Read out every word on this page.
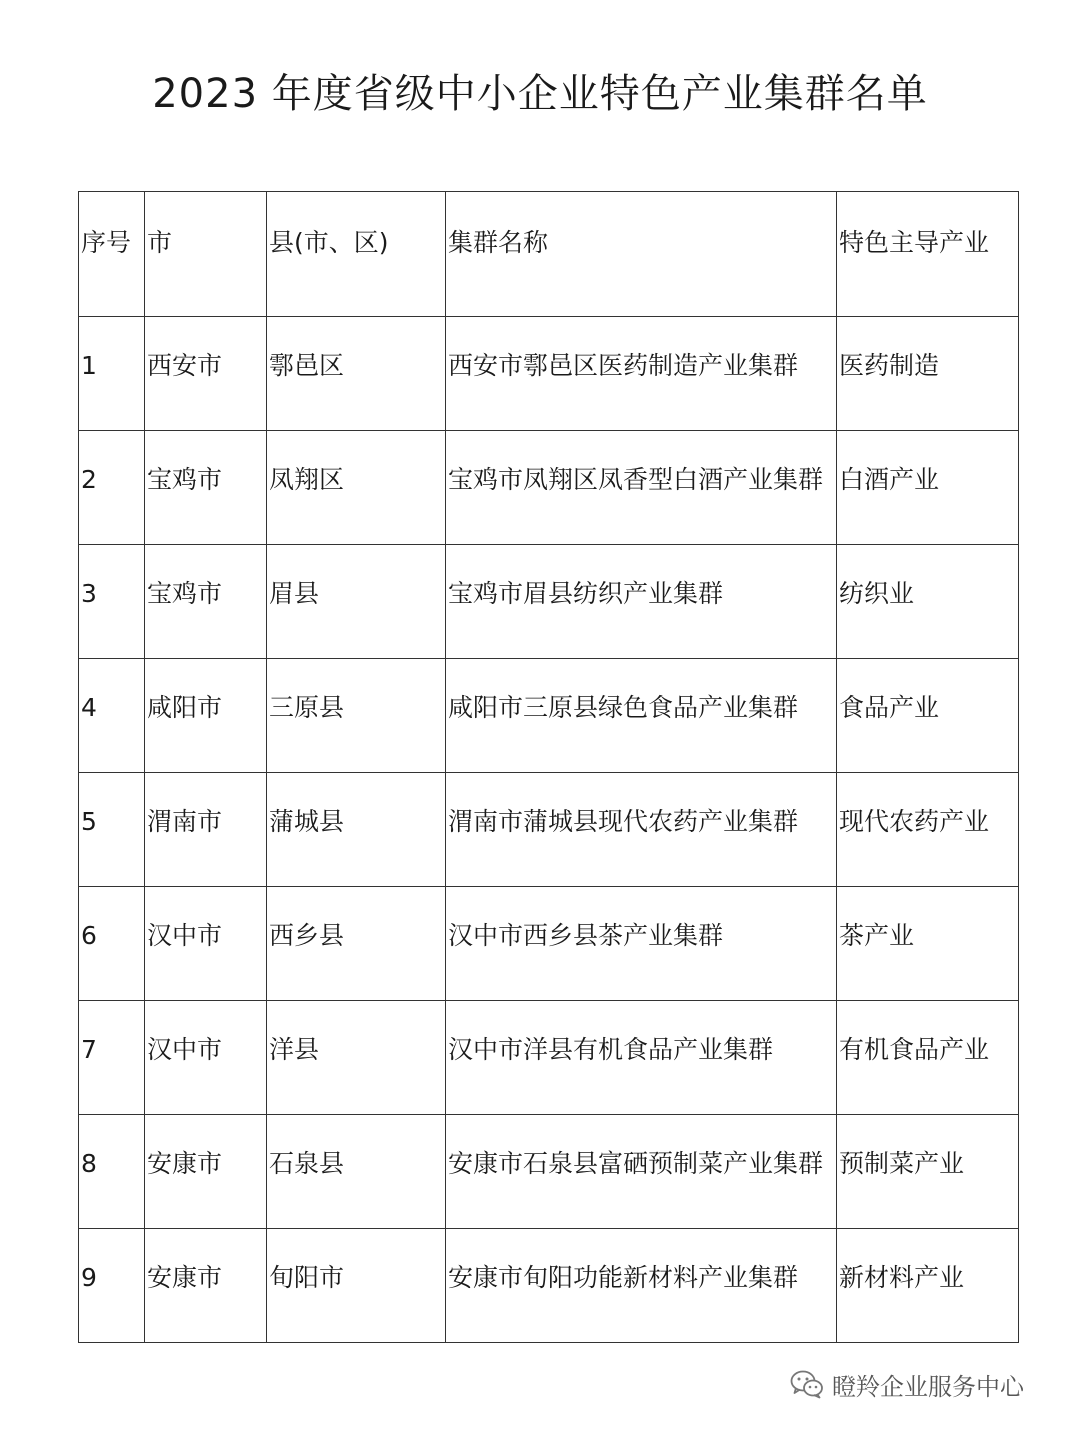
2023 年度省级中小企业特色产业集群名单
序号	市	县(市、区)	集群名称	特色主导产业

1	西安市	鄠邑区	西安市鄠邑区医药制造产业集群	医药制造

2	宝鸡市	凤翔区	宝鸡市凤翔区凤香型白酒产业集群	白酒产业

3	宝鸡市	眉县	宝鸡市眉县纺织产业集群	纺织业

4	咸阳市	三原县	咸阳市三原县绿色食品产业集群	食品产业

5	渭南市	蒲城县	渭南市蒲城县现代农药产业集群	现代农药产业

6	汉中市	西乡县	汉中市西乡县茶产业集群	茶产业

7	汉中市	洋县	汉中市洋县有机食品产业集群	有机食品产业

8	安康市	石泉县	安康市石泉县富硒预制菜产业集群	预制菜产业

9	安康市	旬阳市	安康市旬阳功能新材料产业集群	新材料产业
瞪羚企业服务中心
